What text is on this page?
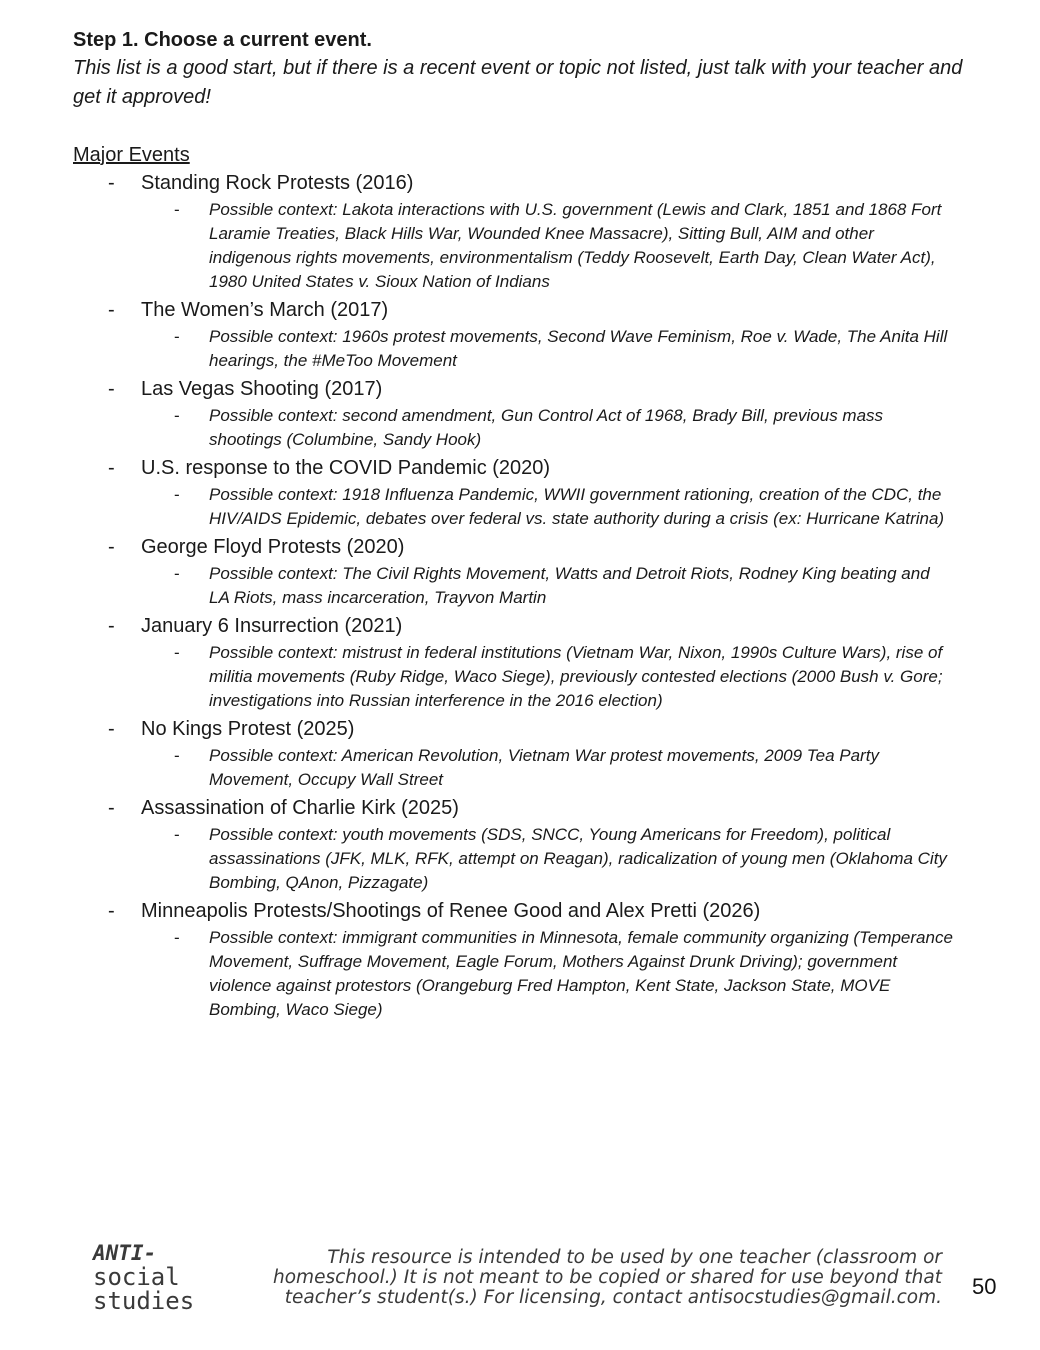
Step 1. Choose a current event.

This list is a good start, but if there is a recent event or topic not listed, just talk with your teacher and get it approved!

Major Events

- Standing Rock Protests (2016)
- Possible context: Lakota interactions with U.S. government (Lewis and Clark, 1851 and 1868 Fort Laramie Treaties, Black Hills War, Wounded Knee Massacre), Sitting Bull, AIM and other indigenous rights movements, environmentalism (Teddy Roosevelt, Earth Day, Clean Water Act), 1980 United States v. Sioux Nation of Indians
- The Women’s March (2017)
- Possible context: 1960s protest movements, Second Wave Feminism, Roe v. Wade, The Anita Hill hearings, the #MeToo Movement
- Las Vegas Shooting (2017)
- Possible context: second amendment, Gun Control Act of 1968, Brady Bill, previous mass shootings (Columbine, Sandy Hook)
- U.S. response to the COVID Pandemic (2020)
- Possible context: 1918 Influenza Pandemic, WWII government rationing, creation of the CDC, the HIV/AIDS Epidemic, debates over federal vs. state authority during a crisis (ex: Hurricane Katrina)
- George Floyd Protests (2020)
- Possible context: The Civil Rights Movement, Watts and Detroit Riots, Rodney King beating and LA Riots, mass incarceration, Trayvon Martin
- January 6 Insurrection (2021)
- Possible context: mistrust in federal institutions (Vietnam War, Nixon, 1990s Culture Wars), rise of militia movements (Ruby Ridge, Waco Siege), previously contested elections (2000 Bush v. Gore; investigations into Russian interference in the 2016 election)
- No Kings Protest (2025)
- Possible context: American Revolution, Vietnam War protest movements, 2009 Tea Party Movement, Occupy Wall Street
- Assassination of Charlie Kirk (2025)
- Possible context: youth movements (SDS, SNCC, Young Americans for Freedom), political assassinations (JFK, MLK, RFK, attempt on Reagan), radicalization of young men (Oklahoma City Bombing, QAnon, Pizzagate)
- Minneapolis Protests/Shootings of Renee Good and Alex Pretti (2026)
- Possible context: immigrant communities in Minnesota, female community organizing (Temperance Movement, Suffrage Movement, Eagle Forum, Mothers Against Drunk Driving); government violence against protestors (Orangeburg Fred Hampton, Kent State, Jackson State, MOVE Bombing, Waco Siege)
ANTI-
social
studies
This resource is intended to be used by one teacher (classroom or homeschool.) It is not meant to be copied or shared for use beyond that teacher’s student(s.) For licensing, contact antisocstudies@gmail.com. 50
